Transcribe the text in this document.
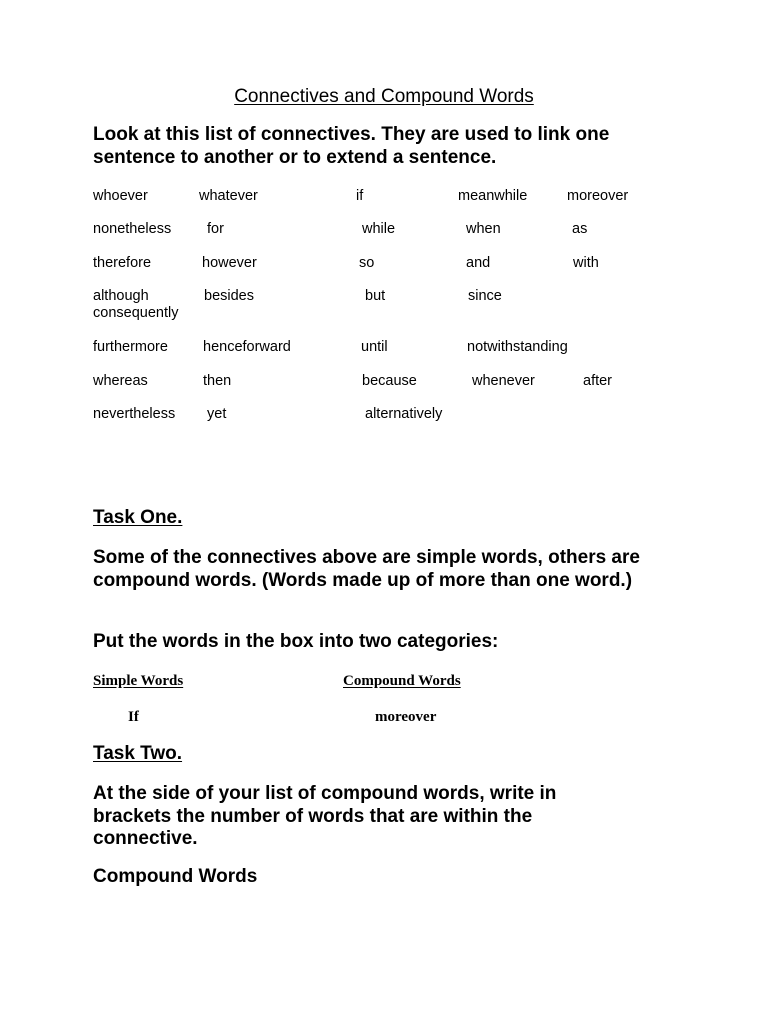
Connectives and Compound Words
Look at this list of connectives. They are used to link one sentence to another or to extend a sentence.
whoever	whatever	if	meanwhile	moreover
nonetheless for	while	when	as
therefore	however	so	and	with
although	besides	but	since
consequently
furthermore henceforward	until	notwithstanding
whereas	then	because	whenever	after
nevertheless yet	alternatively
Task One.
Some of the connectives above are simple words, others are compound words. (Words made up of more than one word.)
Put the words in the box into two categories:
Simple Words	Compound Words
If	moreover
Task Two.
At the side of your list of compound words, write in brackets the number of words that are within the connective.
Compound Words
